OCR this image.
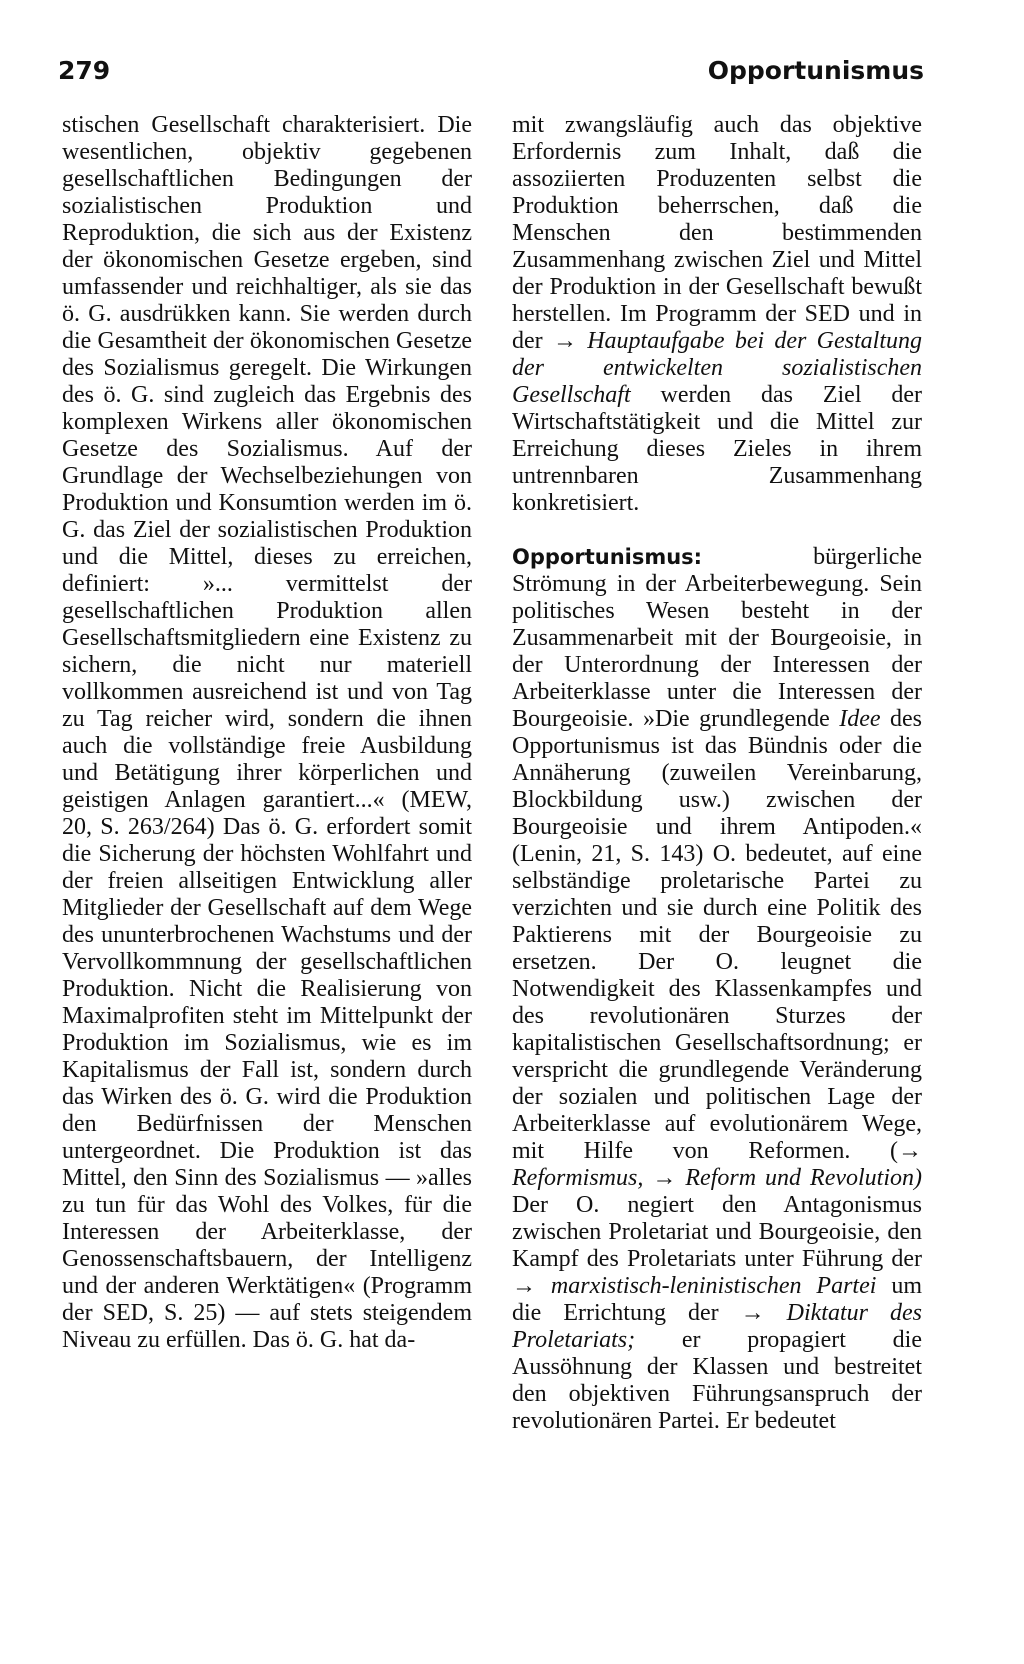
279	Opportunismus

stischen Gesellschaft charakterisiert. Die wesentlichen, objektiv gegebenen gesellschaftlichen Bedingungen der sozialistischen Produktion und Reproduktion, die sich aus der Existenz der ökonomischen Gesetze ergeben, sind umfassender und reichhaltiger, als sie das ö. G. ausdrükken kann. Sie werden durch die Gesamtheit der ökonomischen Gesetze des Sozialismus geregelt. Die Wirkungen des ö. G. sind zugleich das Ergebnis des komplexen Wirkens aller ökonomischen Gesetze des Sozialismus. Auf der Grundlage der Wechselbeziehungen von Produktion und Konsumtion werden im ö. G. das Ziel der sozialistischen Produktion und die Mittel, dieses zu erreichen, definiert: »... vermittelst der gesellschaftlichen Produktion allen Gesellschaftsmitgliedern eine Existenz zu sichern, die nicht nur materiell vollkommen ausreichend ist und von Tag zu Tag reicher wird, sondern die ihnen auch die vollständige freie Ausbildung und Betätigung ihrer körperlichen und geistigen Anlagen garantiert...« (MEW, 20, S. 263/264) Das ö. G. erfordert somit die Sicherung der höchsten Wohlfahrt und der freien allseitigen Entwicklung aller Mitglieder der Gesellschaft auf dem Wege des ununterbrochenen Wachstums und der Vervollkommnung der gesellschaftlichen Produktion. Nicht die Realisierung von Maximalprofiten steht im Mittelpunkt der Produktion im Sozialismus, wie es im Kapitalismus der Fall ist, sondern durch das Wirken des ö. G. wird die Produktion den Bedürfnissen der Menschen untergeordnet. Die Produktion ist das Mittel, den Sinn des Sozialismus — »alles zu tun für das Wohl des Volkes, für die Interessen der Arbeiterklasse, der Genossenschaftsbauern, der Intelligenz und der anderen Werktätigen« (Programm der SED, S. 25) — auf stets steigendem Niveau zu erfüllen. Das ö. G. hat da-

mit zwangsläufig auch das objektive Erfordernis zum Inhalt, daß die assoziierten Produzenten selbst die Produktion beherrschen, daß die Menschen den bestimmenden Zusammenhang zwischen Ziel und Mittel der Produktion in der Gesellschaft bewußt herstellen. Im Programm der SED und in der → Hauptaufgabe bei der Gestaltung der entwickelten sozialistischen Gesellschaft werden das Ziel der Wirtschaftstätigkeit und die Mittel zur Erreichung dieses Zieles in ihrem untrennbaren Zusammenhang konkretisiert.

Opportunismus:	bürgerliche Strömung in der Arbeiterbewegung. Sein politisches Wesen besteht in der Zusammenarbeit mit der Bourgeoisie, in der Unterordnung der Interessen der Arbeiterklasse unter die Interessen der Bourgeoisie. »Die grundlegende Idee des Opportunismus ist das Bündnis oder die Annäherung (zuweilen Vereinbarung, Blockbildung usw.) zwischen der Bourgeoisie und ihrem Antipoden.« (Lenin, 21, S. 143) O. bedeutet, auf eine selbständige proletarische Partei zu verzichten und sie durch eine Politik des Paktierens mit der Bourgeoisie zu ersetzen. Der O. leugnet die Notwendigkeit des Klassenkampfes und des revolutionären Sturzes der kapitalistischen Gesellschaftsordnung; er verspricht die grundlegende Veränderung der sozialen und politischen Lage der Arbeiterklasse auf evolutionärem Wege, mit Hilfe von Reformen. (→ Reformismus, → Reform und Revolution) Der O. negiert den Antagonismus zwischen Proletariat und Bourgeoisie, den Kampf des Proletariats unter Führung der → marxistisch-leninistischen Partei um die Errichtung der → Diktatur des Proletariats; er propagiert die Aussöhnung der Klassen und bestreitet den objektiven Führungsanspruch der revolutionären Partei. Er bedeutet
